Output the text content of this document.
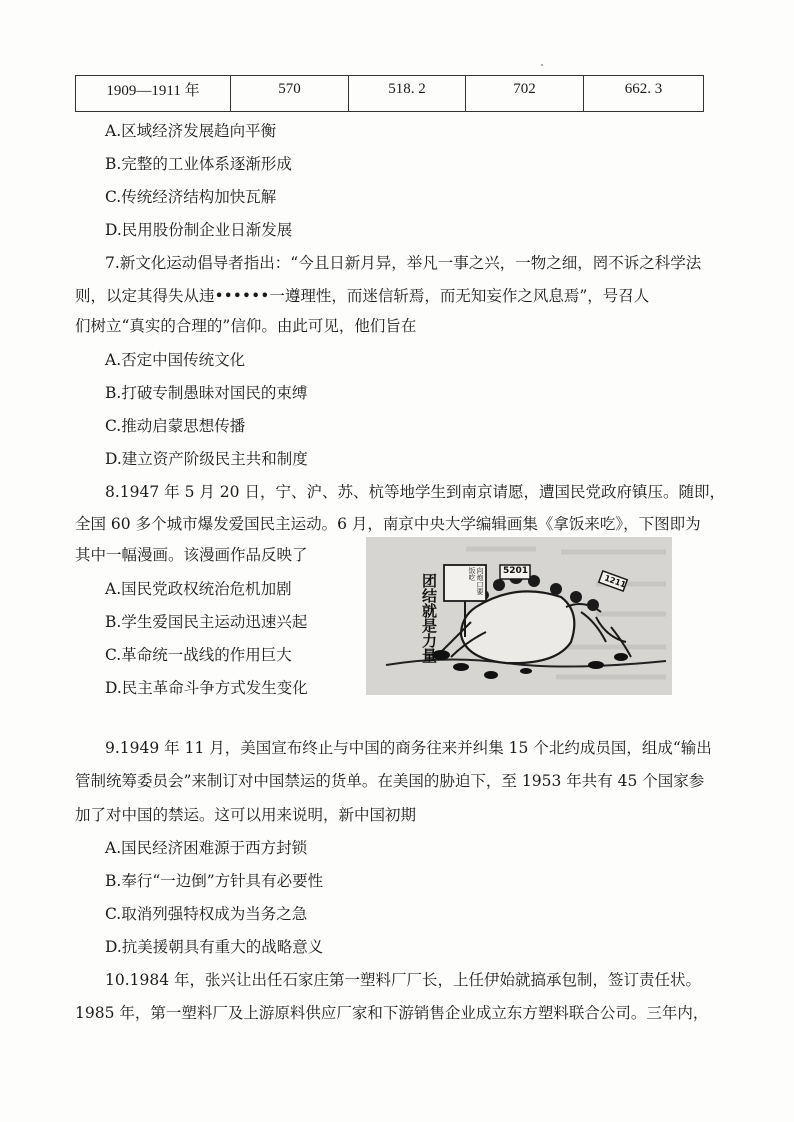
1909—1911 年	570	518. 2	702	662. 3
A.区域经济发展趋向平衡
B.完整的工业体系逐渐形成
C.传统经济结构加快瓦解
D.民用股份制企业日渐发展
7.新文化运动倡导者指出：“今且日新月异，举凡一事之兴，一物之细，罔不诉之科学法
则，以定其得失从违••••••一遵理性，而迷信斩焉，而无知妄作之风息焉”，号召人
们树立“真实的合理的”信仰。由此可见，他们旨在
A.否定中国传统文化
B.打破专制愚昧对国民的束缚
C.推动启蒙思想传播
D.建立资产阶级民主共和制度
8.1947 年 5 月 20 日，宁、沪、苏、杭等地学生到南京请愿，遭国民党政府镇压。随即，
全国 60 多个城市爆发爱国民主运动。6 月，南京中央大学编辑画集《拿饭来吃》，下图即为
其中一幅漫画。该漫画作品反映了
A.国民党政权统治危机加剧
B.学生爱国民主运动迅速兴起
C.革命统一战线的作用巨大
D.民主革命斗争方式发生变化
团结就是力量	向炮口要饭吃	5201
1211
9.1949 年 11 月，美国宣布终止与中国的商务往来并纠集 15 个北约成员国，组成“输出
管制统筹委员会”来制订对中国禁运的货单。在美国的胁迫下，至 1953 年共有 45 个国家参
加了对中国的禁运。这可以用来说明，新中国初期
A.国民经济困难源于西方封锁
B.奉行“一边倒”方针具有必要性
C.取消列强特权成为当务之急
D.抗美援朝具有重大的战略意义
10.1984 年，张兴让出任石家庄第一塑料厂厂长，上任伊始就搞承包制，签订责任状。
1985 年，第一塑料厂及上游原料供应厂家和下游销售企业成立东方塑料联合公司。三年内，
